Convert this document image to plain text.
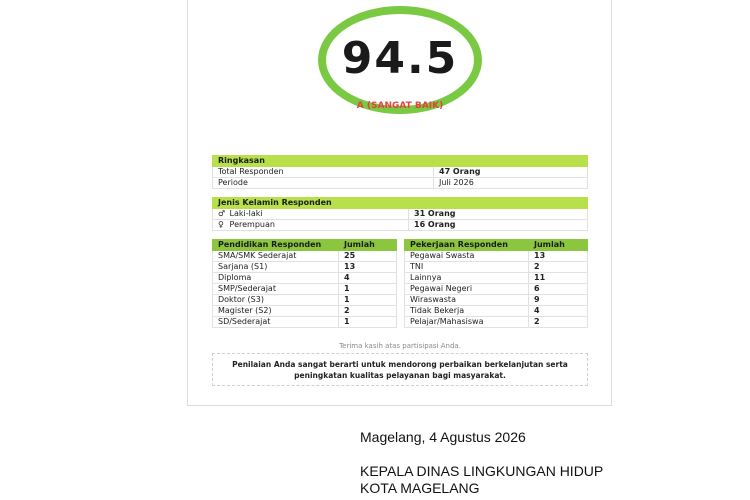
94.5
A (SANGAT BAIK)
Ringkasan	
Total Responden	47 Orang
Periode	Juli 2026
Jenis Kelamin Responden	
♂ Laki-laki	31 Orang
♀ Perempuan	16 Orang
Pendidikan Responden	Jumlah
SMA/SMK Sederajat	25
Sarjana (S1)	13
Diploma	4
SMP/Sederajat	1
Doktor (S3)	1
Magister (S2)	2
SD/Sederajat	1
Pekerjaan Responden	Jumlah
Pegawai Swasta	13
TNI	2
Lainnya	11
Pegawai Negeri	6
Wiraswasta	9
Tidak Bekerja	4
Pelajar/Mahasiswa	2
Terima kasih atas partisipasi Anda.
Penilaian Anda sangat berarti untuk mendorong perbaikan berkelanjutan serta
peningkatan kualitas pelayanan bagi masyarakat.
Magelang, 4 Agustus 2026
KEPALA DINAS LINGKUNGAN HIDUP
KOTA MAGELANG
